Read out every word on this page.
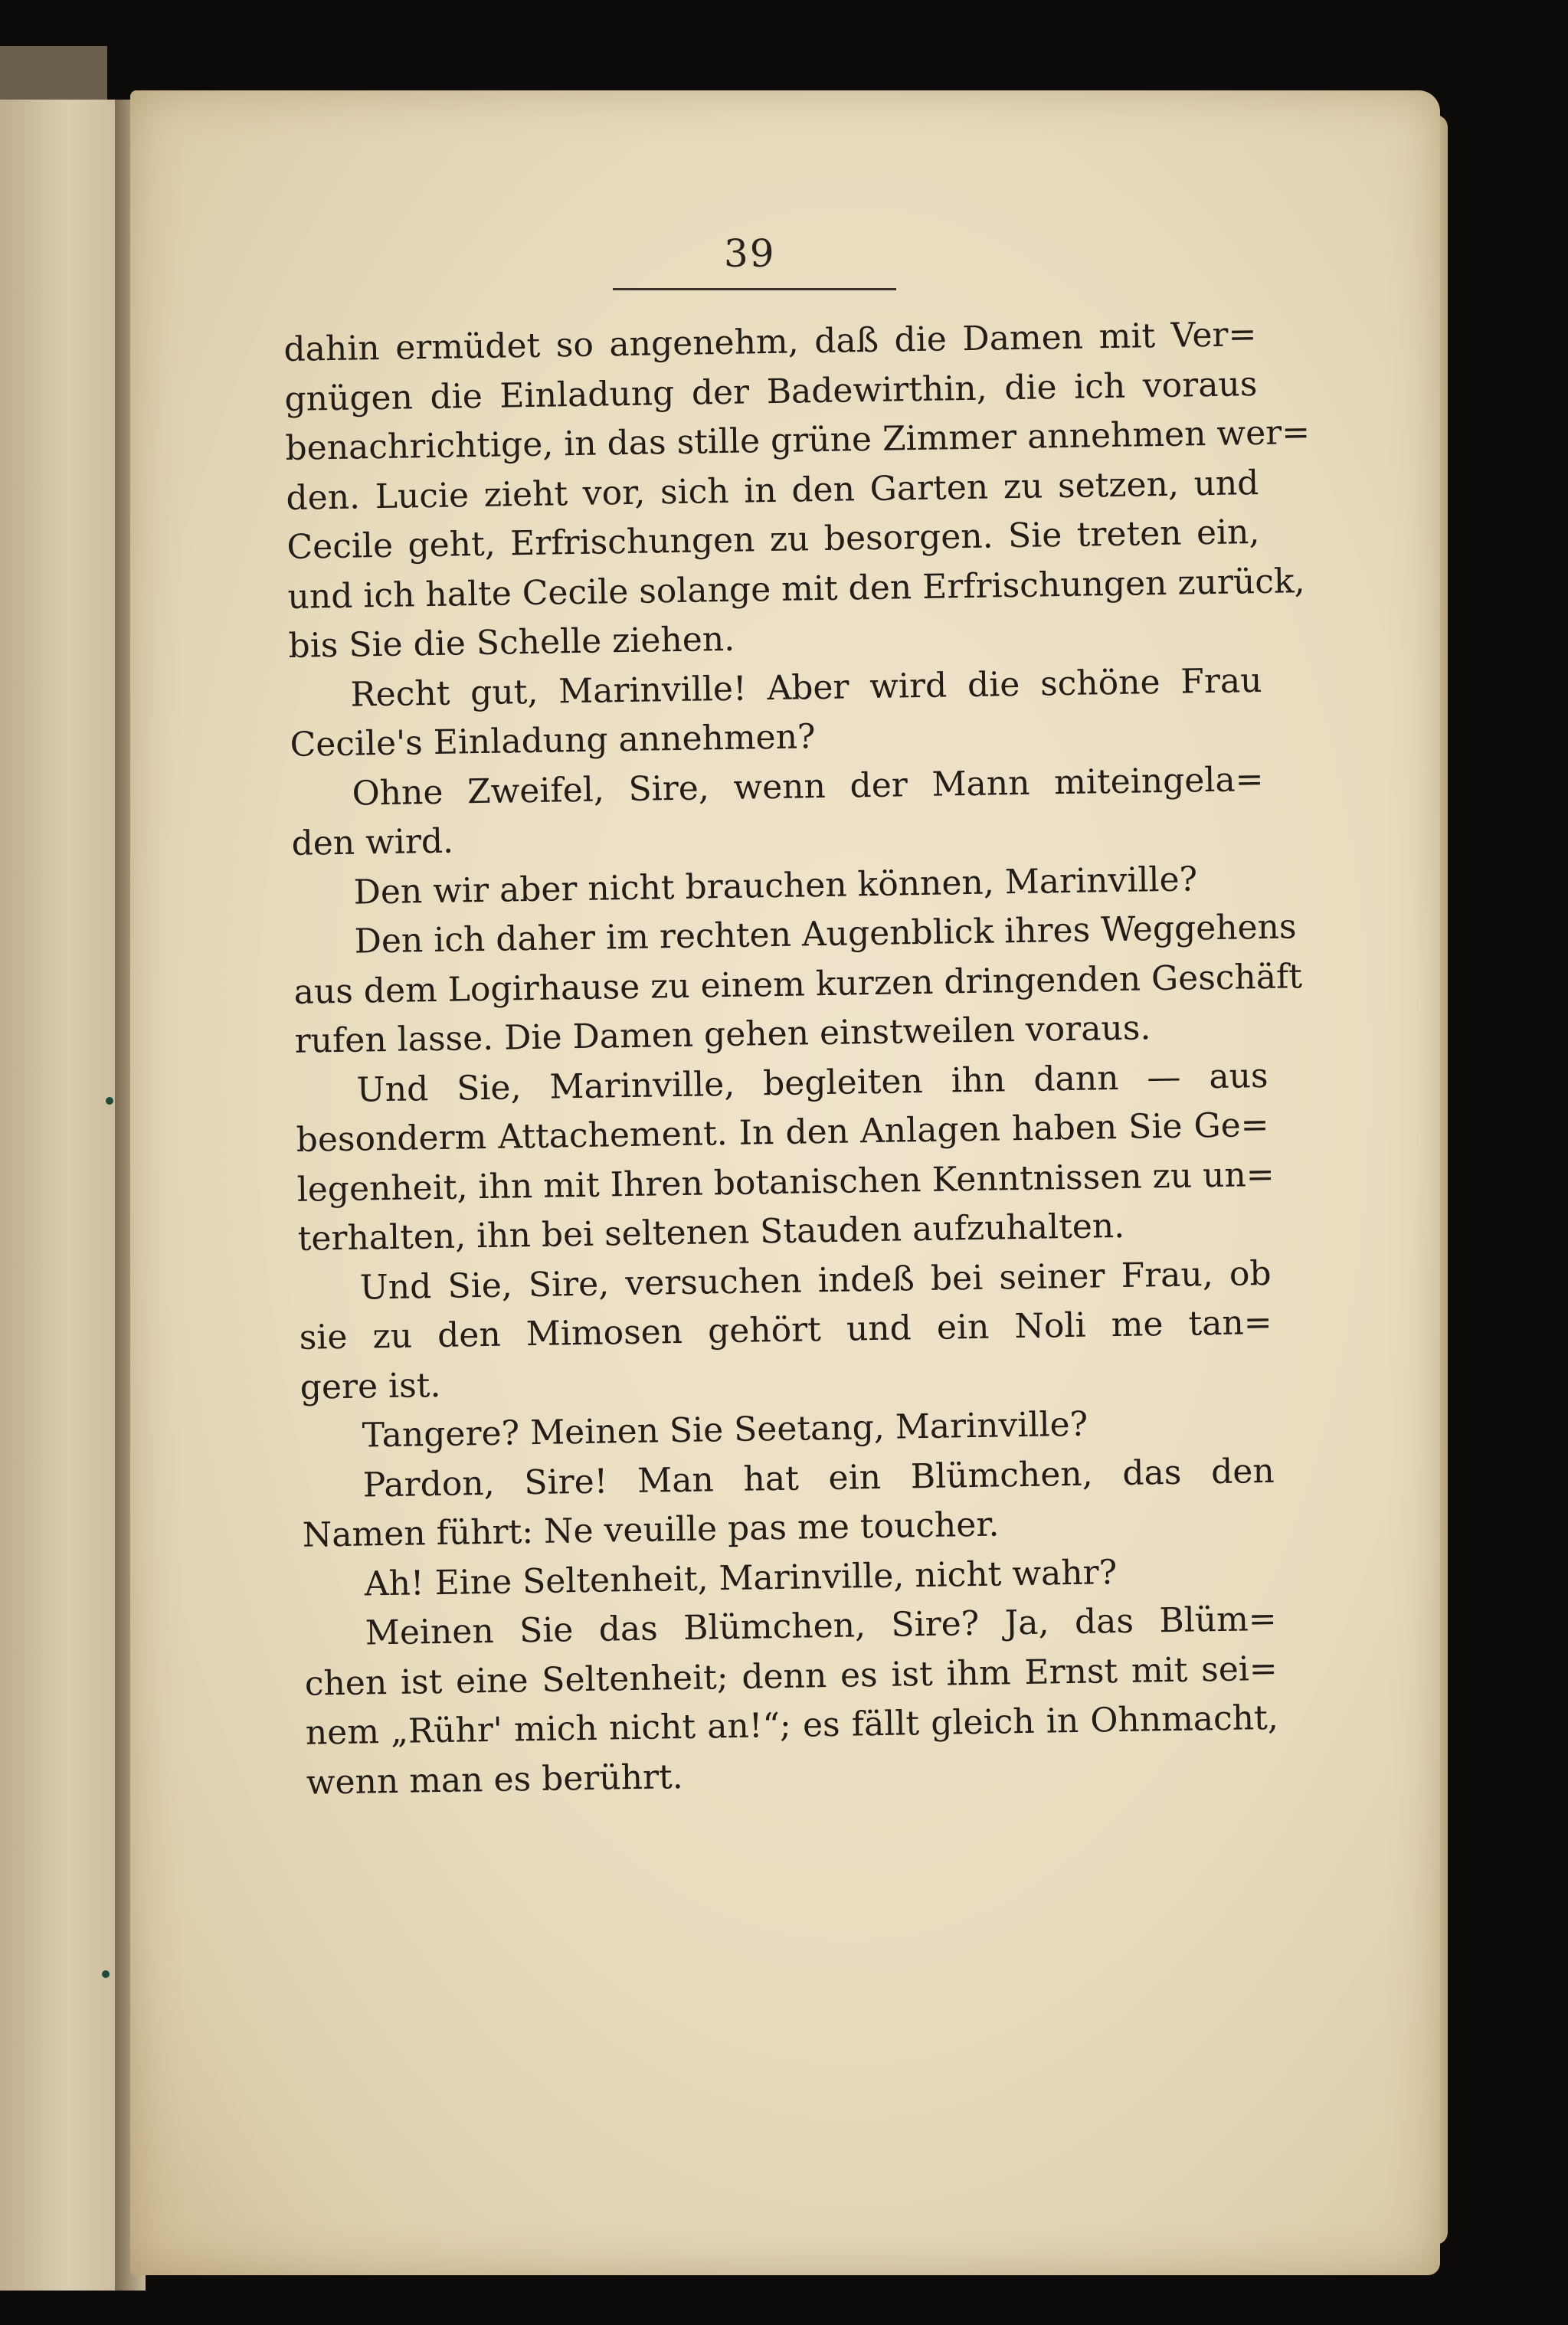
39
dahin ermüdet so angenehm, daß die Damen mit Ver=
gnügen die Einladung der Badewirthin, die ich voraus
benachrichtige, in das stille grüne Zimmer annehmen wer=
den. Lucie zieht vor, sich in den Garten zu setzen, und
Cecile geht, Erfrischungen zu besorgen. Sie treten ein,
und ich halte Cecile solange mit den Erfrischungen zurück,
bis Sie die Schelle ziehen.
Recht gut, Marinville! Aber wird die schöne Frau
Cecile's Einladung annehmen?
Ohne Zweifel, Sire, wenn der Mann miteingela=
den wird.
Den wir aber nicht brauchen können, Marinville?
Den ich daher im rechten Augenblick ihres Weggehens
aus dem Logirhause zu einem kurzen dringenden Geschäft
rufen lasse. Die Damen gehen einstweilen voraus.
Und Sie, Marinville, begleiten ihn dann — aus
besonderm Attachement. In den Anlagen haben Sie Ge=
legenheit, ihn mit Ihren botanischen Kenntnissen zu un=
terhalten, ihn bei seltenen Stauden aufzuhalten.
Und Sie, Sire, versuchen indeß bei seiner Frau, ob
sie zu den Mimosen gehört und ein Noli me tan=
gere ist.
Tangere? Meinen Sie Seetang, Marinville?
Pardon, Sire! Man hat ein Blümchen, das den
Namen führt: Ne veuille pas me toucher.
Ah! Eine Seltenheit, Marinville, nicht wahr?
Meinen Sie das Blümchen, Sire? Ja, das Blüm=
chen ist eine Seltenheit; denn es ist ihm Ernst mit sei=
nem „Rühr' mich nicht an!“; es fällt gleich in Ohnmacht,
wenn man es berührt.
